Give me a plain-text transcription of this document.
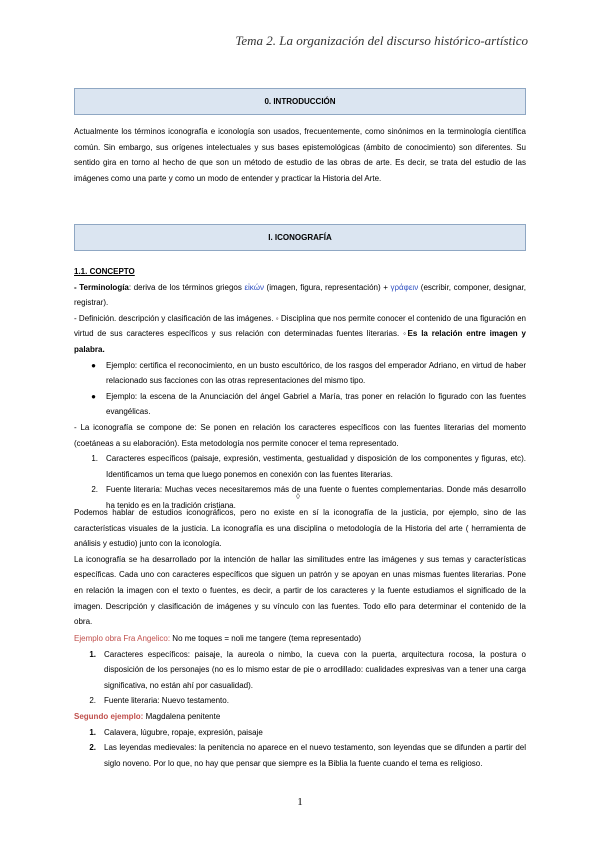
Tema 2. La organización del discurso histórico-artístico
0. INTRODUCCIÓN
Actualmente los términos iconografía e iconología son usados, frecuentemente, como sinónimos en la terminología científica común. Sin embargo, sus orígenes intelectuales y sus bases epistemológicas (ámbito de conocimiento) son diferentes. Su sentido gira en torno al hecho de que son un método de estudio de las obras de arte. Es decir, se trata del estudio de las imágenes como una parte y como un modo de entender y practicar la Historia del Arte.
I. ICONOGRAFÍA

1.1. CONCEPTO

- Terminología: deriva de los términos griegos εἰκών (imagen, figura, representación) + γράφειν (escribir, componer, designar, registrar).

- Definición. descripción y clasificación de las imágenes. ◦ Disciplina que nos permite conocer el contenido de una figuración en virtud de sus caracteres específicos y sus relación con determinadas fuentes literarias. ◦Es la relación entre imagen y palabra.

●	Ejemplo: certifica el reconocimiento, en un busto escultórico, de los rasgos del emperador Adriano, en virtud de haber relacionado sus facciones con las otras representaciones del mismo tipo.
●	Ejemplo: la escena de la Anunciación del ángel Gabriel a María, tras poner en relación lo figurado con las fuentes evangélicas.

- La iconografía se compone de: Se ponen en relación los caracteres específicos con las fuentes literarias del momento (coetáneas a su elaboración). Esta metodología nos permite conocer el tema representado.

1.	Caracteres específicos (paisaje, expresión, vestimenta, gestualidad y disposición de los componentes y figuras, etc). Identificamos un tema que luego ponemos en conexión con las fuentes literarias.
2.	Fuente literaria: Muchas veces necesitaremos más de una fuente o fuentes complementarias. Donde más desarrollo ha tenido es en la tradición cristiana.
◊

Podemos hablar de estudios iconográficos, pero no existe en sí la iconografía de la justicia, por ejemplo, sino de las características visuales de la justicia. La iconografía es una disciplina o metodología de la Historia del arte ( herramienta de análisis y estudio) junto con la iconología.

La iconografía se ha desarrollado por la intención de hallar las similitudes entre las imágenes y sus temas y características específicas. Cada uno con caracteres específicos que siguen un patrón y se apoyan en unas mismas fuentes literarias. Pone en relación la imagen con el texto o fuentes, es decir, a partir de los caracteres y la fuente estudiamos el significado de la imagen. Descripción y clasificación de imágenes y su vínculo con las fuentes. Todo ello para determinar el contenido de la obra.

Ejemplo obra Fra Angelico: No me toques = noli me tangere (tema representado)

1.	Caracteres específicos: paisaje, la aureola o nimbo, la cueva con la puerta, arquitectura rocosa, la postura o disposición de los personajes (no es lo mismo estar de pie o arrodillado: cualidades expresivas van a tener una carga significativa, no están ahí por casualidad).
2.	Fuente literaria: Nuevo testamento.

Segundo ejemplo: Magdalena penitente

1.	Calavera, lúgubre, ropaje, expresión, paisaje
2.	Las leyendas medievales: la penitencia no aparece en el nuevo testamento, son leyendas que se difunden a partir del siglo noveno. Por lo que, no hay que pensar que siempre es la Biblia la fuente cuando el tema es religioso.
1
